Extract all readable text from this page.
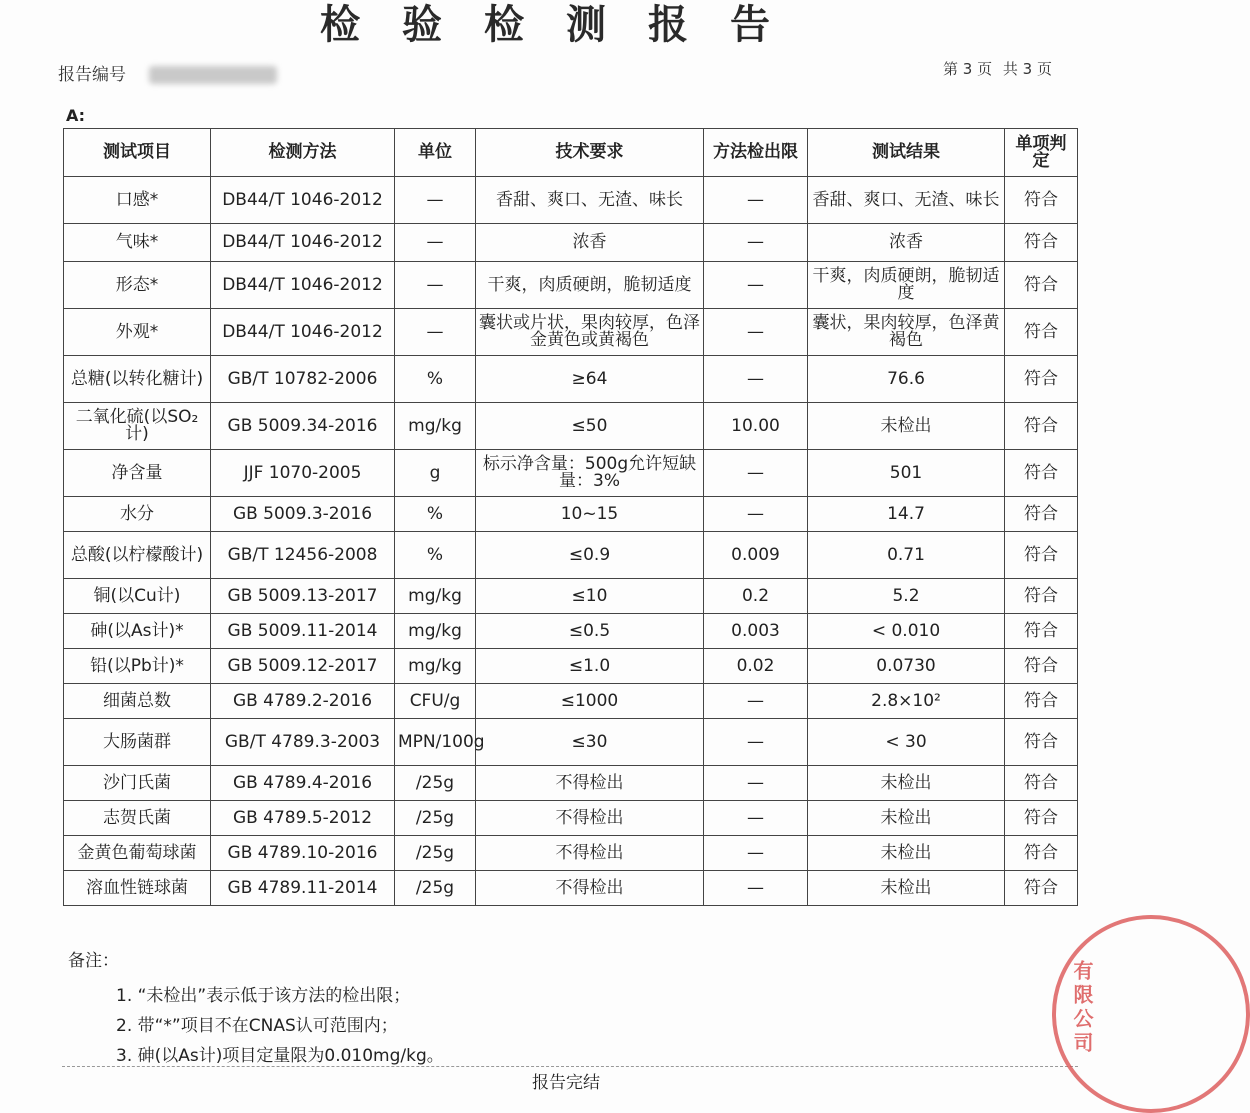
检验检测报告
报告编号	第 3 页 共 3 页
A:
测试项目	检测方法	单位	技术要求	方法检出限	测试结果	单项判定
口感*	DB44/T 1046-2012	—	香甜、爽口、无渣、味长	—	香甜、爽口、无渣、味长	符合
气味*	DB44/T 1046-2012	—	浓香	—	浓香	符合
形态*	DB44/T 1046-2012	—	干爽，肉质硬朗，脆韧适度	—	干爽，肉质硬朗，脆韧适度	符合
外观*	DB44/T 1046-2012	—	囊状或片状，果肉较厚，色泽金黄色或黄褐色	—	囊状，果肉较厚，色泽黄褐色	符合
总糖(以转化糖计)	GB/T 10782-2006	%	≥64	—	76.6	符合
二氧化硫(以SO₂计)	GB 5009.34-2016	mg/kg	≤50	10.00	未检出	符合
净含量	JJF 1070-2005	g	标示净含量：500g允许短缺量：3%	—	501	符合
水分	GB 5009.3-2016	%	10~15	—	14.7	符合
总酸(以柠檬酸计)	GB/T 12456-2008	%	≤0.9	0.009	0.71	符合
铜(以Cu计)	GB 5009.13-2017	mg/kg	≤10	0.2	5.2	符合
砷(以As计)*	GB 5009.11-2014	mg/kg	≤0.5	0.003	< 0.010	符合
铅(以Pb计)*	GB 5009.12-2017	mg/kg	≤1.0	0.02	0.0730	符合
细菌总数	GB 4789.2-2016	CFU/g	≤1000	—	2.8×10²	符合
大肠菌群	GB/T 4789.3-2003	MPN/100g	≤30	—	< 30	符合
沙门氏菌	GB 4789.4-2016	/25g	不得检出	—	未检出	符合
志贺氏菌	GB 4789.5-2012	/25g	不得检出	—	未检出	符合
金黄色葡萄球菌	GB 4789.10-2016	/25g	不得检出	—	未检出	符合
溶血性链球菌	GB 4789.11-2014	/25g	不得检出	—	未检出	符合
备注：
1. “未检出”表示低于该方法的检出限；
2. 带“*”项目不在CNAS认可范围内；
3. 砷(以As计)项目定量限为0.010mg/kg。
报告完结
有限公司
